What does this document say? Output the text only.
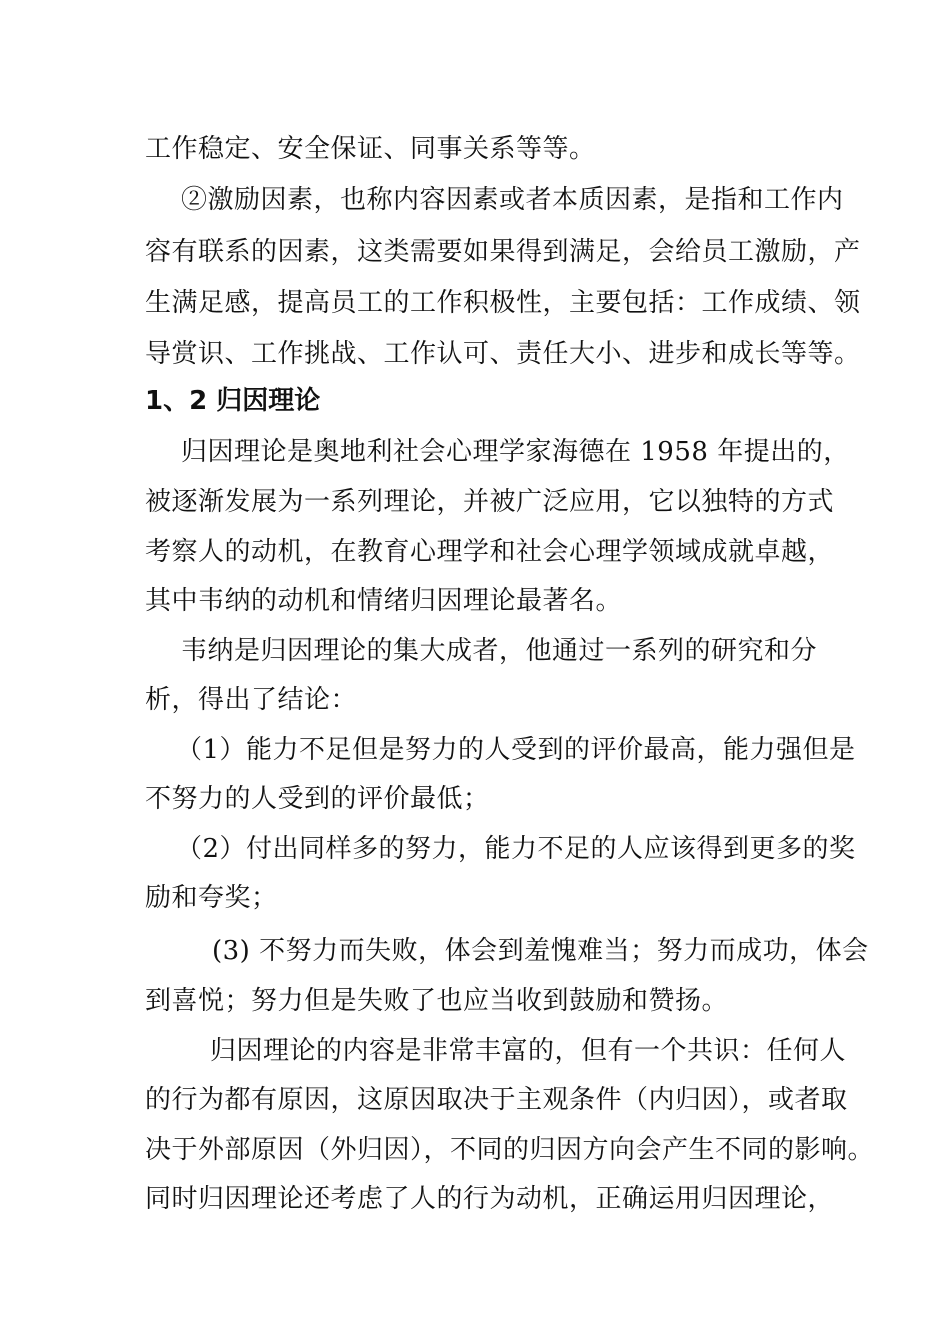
工作稳定、安全保证、同事关系等等。
②激励因素，也称内容因素或者本质因素，是指和工作内
容有联系的因素，这类需要如果得到满足，会给员工激励，产
生满足感，提高员工的工作积极性，主要包括：工作成绩、领
导赏识、工作挑战、工作认可、责任大小、进步和成长等等。
1、2 归因理论
归因理论是奥地利社会心理学家海德在 1958 年提出的，
被逐渐发展为一系列理论，并被广泛应用，它以独特的方式
考察人的动机，在教育心理学和社会心理学领域成就卓越，
其中韦纳的动机和情绪归因理论最著名。
韦纳是归因理论的集大成者，他通过一系列的研究和分
析，得出了结论：
（1）能力不足但是努力的人受到的评价最高，能力强但是
不努力的人受到的评价最低；
（2）付出同样多的努力，能力不足的人应该得到更多的奖
励和夸奖；
(3) 不努力而失败，体会到羞愧难当；努力而成功，体会
到喜悦；努力但是失败了也应当收到鼓励和赞扬。
归因理论的内容是非常丰富的，但有一个共识：任何人
的行为都有原因，这原因取决于主观条件（内归因），或者取
决于外部原因（外归因），不同的归因方向会产生不同的影响。
同时归因理论还考虑了人的行为动机，正确运用归因理论，
